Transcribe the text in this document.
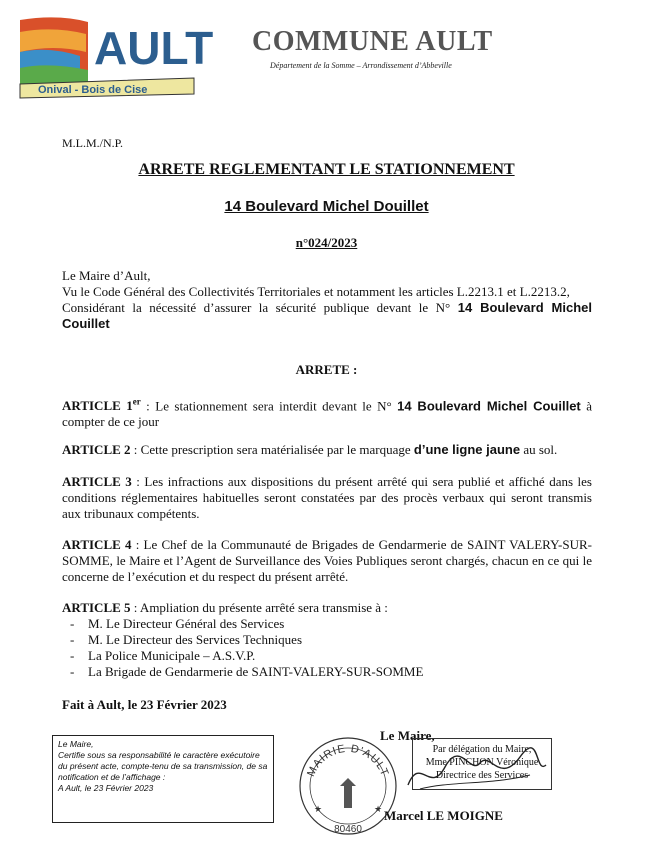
AULT
Onival - Bois de Cise
COMMUNE AULT
Département de la Somme – Arrondissement d’Abbeville
M.L.M./N.P.
ARRETE REGLEMENTANT LE STATIONNEMENT
14 Boulevard Michel Douillet
n°024/2023
Le Maire d’Ault,
Vu le Code Général des Collectivités Territoriales et notamment les articles L.2213.1 et L.2213.2,
Considérant la nécessité d’assurer la sécurité publique devant le N° 14 Boulevard Michel Couillet
ARRETE :
ARTICLE 1er : Le stationnement sera interdit devant le N° 14 Boulevard Michel Couillet à compter de ce jour
ARTICLE 2 : Cette prescription sera matérialisée par le marquage d’une ligne jaune au sol.
ARTICLE 3 : Les infractions aux dispositions du présent arrêté qui sera publié et affiché dans les conditions réglementaires habituelles seront constatées par des procès verbaux qui seront transmis aux tribunaux compétents.
ARTICLE 4 : Le Chef de la Communauté de Brigades de Gendarmerie de SAINT VALERY-SUR-SOMME, le Maire et l’Agent de Surveillance des Voies Publiques seront chargés, chacun en ce qui le concerne de l’exécution et du respect du présent arrêté.
ARTICLE 5 : Ampliation du présente arrêté sera transmise à :
- M. Le Directeur Général des Services
- M. Le Directeur des Services Techniques
- La Police Municipale – A.S.V.P.
- La Brigade de Gendarmerie de SAINT-VALERY-SUR-SOMME
Fait à Ault, le 23 Février 2023
Le Maire,
Certifie sous sa responsabilité le caractère exécutoire du présent acte, compte-tenu de sa transmission, de sa notification et de l’affichage :
A Ault, le 23 Février 2023
MAIRIE D'AULT
★	★
80460
Le Maire,
Par délégation du Maire,
Mme PINCHON Véronique
Directrice des Services
Marcel LE MOIGNE
